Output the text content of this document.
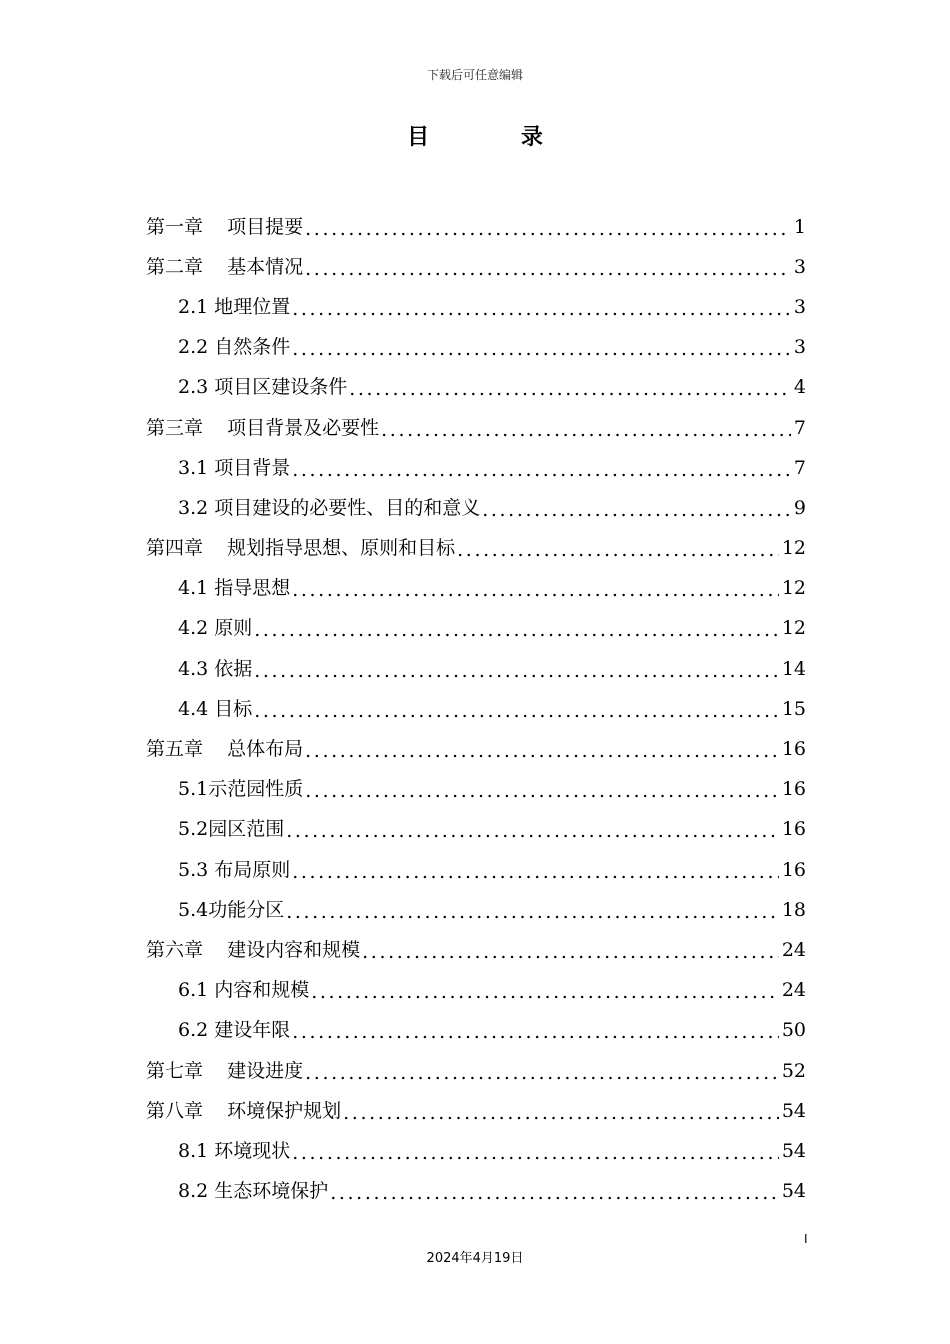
下载后可任意编辑
目 录
第一章    项目提要 .....	1
第二章    基本情况 .....	3
2.1 地理位置 .....	3
2.2 自然条件 .....	3
2.3 项目区建设条件 .....	4
第三章    项目背景及必要性 .....	7
3.1 项目背景 .....	7
3.2 项目建设的必要性、目的和意义 .....	9
第四章    规划指导思想、原则和目标 .....	12
4.1 指导思想 .....	12
4.2 原则 .....	12
4.3 依据 .....	14
4.4 目标 .....	15
第五章    总体布局 .....	16
5.1示范园性质 .....	16
5.2园区范围 .....	16
5.3 布局原则 .....	16
5.4功能分区 .....	18
第六章    建设内容和规模 .....	24
6.1 内容和规模 .....	24
6.2 建设年限 .....	50
第七章    建设进度 .....	52
第八章    环境保护规划 .....	54
8.1 环境现状 .....	54
8.2 生态环境保护 .....	54
I
2024年4月19日
